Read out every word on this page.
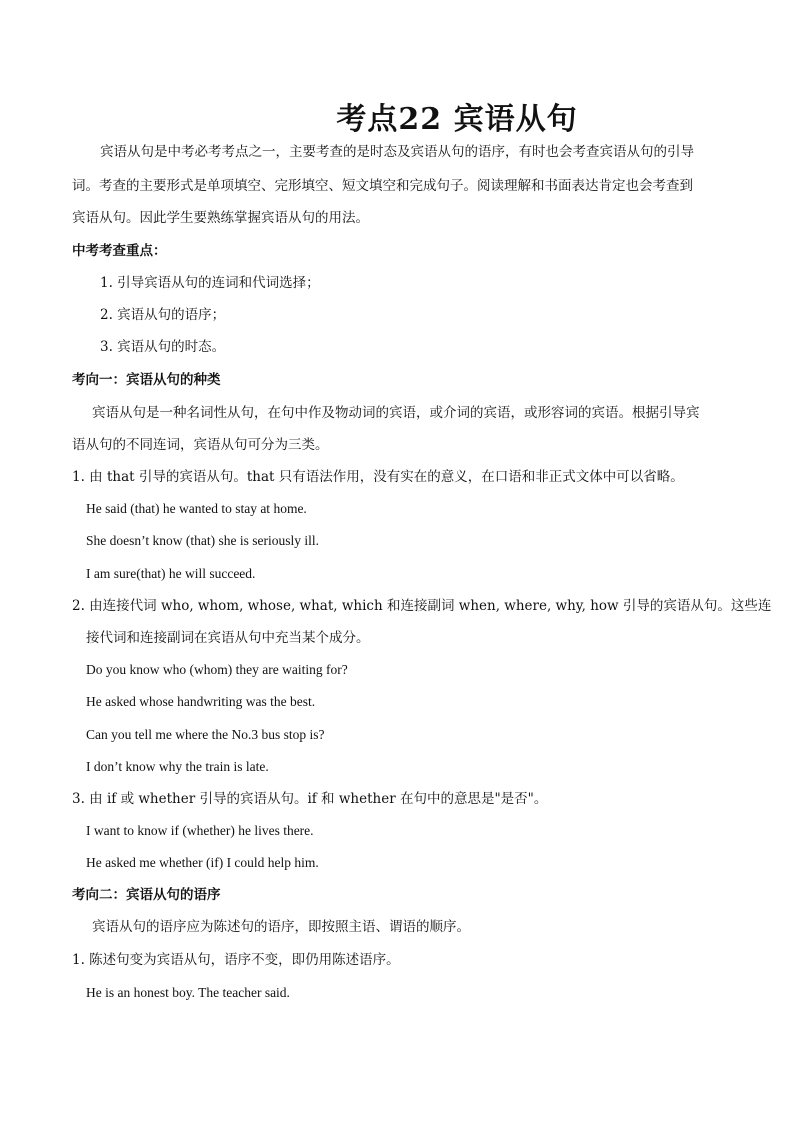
考点22 宾语从句
宾语从句是中考必考考点之一，主要考查的是时态及宾语从句的语序，有时也会考查宾语从句的引导
词。考查的主要形式是单项填空、完形填空、短文填空和完成句子。阅读理解和书面表达肯定也会考查到
宾语从句。因此学生要熟练掌握宾语从句的用法。
中考考查重点：
1. 引导宾语从句的连词和代词选择；
2. 宾语从句的语序；
3. 宾语从句的时态。
考向一：宾语从句的种类
宾语从句是一种名词性从句，在句中作及物动词的宾语，或介词的宾语，或形容词的宾语。根据引导宾
语从句的不同连词，宾语从句可分为三类。
1. 由 that 引导的宾语从句。that 只有语法作用，没有实在的意义，在口语和非正式文体中可以省略。
He said (that) he wanted to stay at home.
She doesn’t know (that) she is seriously ill.
I am sure(that) he will succeed.
2. 由连接代词 who, whom, whose, what, which 和连接副词 when, where, why, how 引导的宾语从句。这些连
接代词和连接副词在宾语从句中充当某个成分。
Do you know who (whom) they are waiting for?
He asked whose handwriting was the best.
Can you tell me where the No.3 bus stop is?
I don’t know why the train is late.
3. 由 if 或 whether 引导的宾语从句。if 和 whether 在句中的意思是"是否"。
I want to know if (whether) he lives there.
He asked me whether (if) I could help him.
考向二：宾语从句的语序
宾语从句的语序应为陈述句的语序，即按照主语、谓语的顺序。
1. 陈述句变为宾语从句，语序不变，即仍用陈述语序。
He is an honest boy. The teacher said.
